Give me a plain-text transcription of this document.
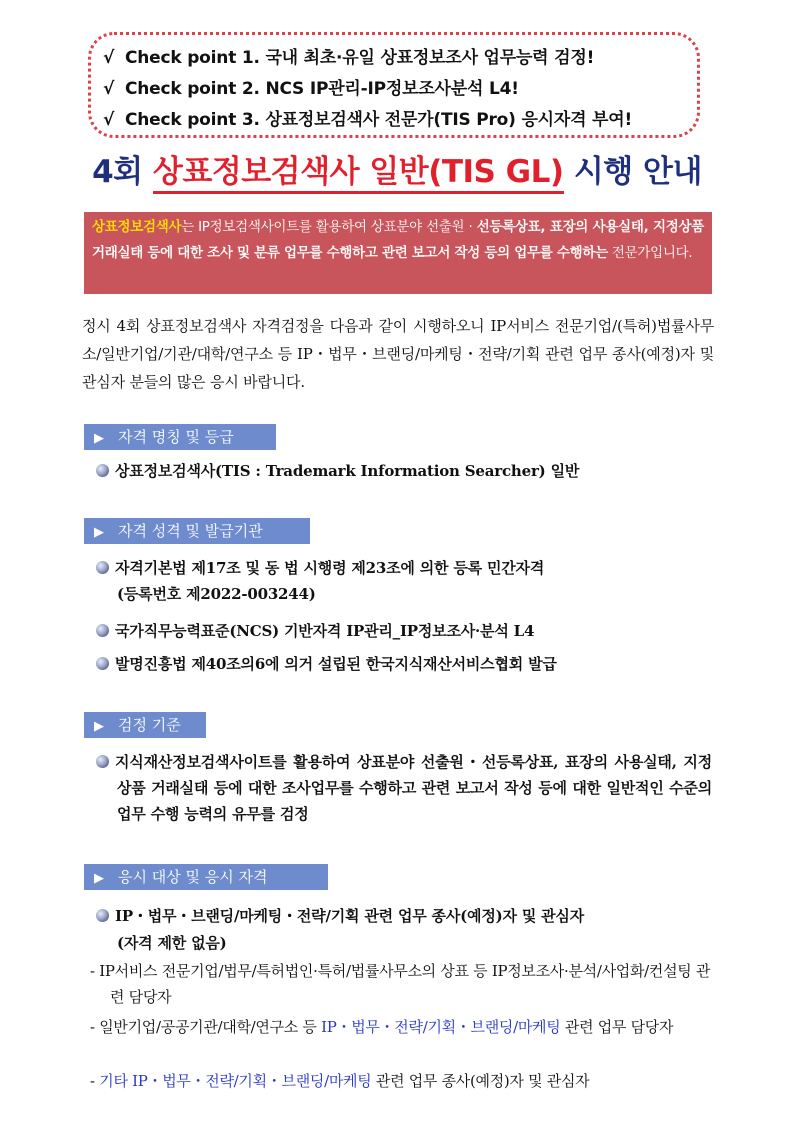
√ Check point 1. 국내 최초·유일 상표정보조사 업무능력 검정!
√ Check point 2. NCS IP관리-IP정보조사분석 L4!
√ Check point 3. 상표정보검색사 전문가(TIS Pro) 응시자격 부여!
4회 상표정보검색사 일반(TIS GL) 시행 안내
상표정보검색사는 IP정보검색사이트를 활용하여 상표분야 선출원 · 선등록상표, 표장의 사용실태, 지정상품 거래실태 등에 대한 조사 및 분류 업무를 수행하고 관련 보고서 작성 등의 업무를 수행하는 전문가입니다.
정시 4회 상표정보검색사 자격검정을 다음과 같이 시행하오니 IP서비스 전문기업/(특허)법률사무소/일반기업/기관/대학/연구소 등 IP・법무・브랜딩/마케팅・전략/기획 관련 업무 종사(예정)자 및 관심자 분들의 많은 응시 바랍니다.
▶ 자격 명칭 및 등급
상표정보검색사(TIS : Trademark Information Searcher) 일반
▶ 자격 성격 및 발급기관
자격기본법 제17조 및 동 법 시행령 제23조에 의한 등록 민간자격
(등록번호 제2022-003244)
국가직무능력표준(NCS) 기반자격 IP관리_IP정보조사·분석 L4
발명진흥법 제40조의6에 의거 설립된 한국지식재산서비스협회 발급
▶ 검정 기준
지식재산정보검색사이트를 활용하여 상표분야 선출원・선등록상표, 표장의 사용실태, 지정상품 거래실태 등에 대한 조사업무를 수행하고 관련 보고서 작성 등에 대한 일반적인 수준의 업무 수행 능력의 유무를 검정
▶ 응시 대상 및 응시 자격
IP・법무・브랜딩/마케팅・전략/기획 관련 업무 종사(예정)자 및 관심자
(자격 제한 없음)
- IP서비스 전문기업/법무/특허법인·특허/법률사무소의 상표 등 IP정보조사·분석/사업화/컨설팅 관련 담당자
- 일반기업/공공기관/대학/연구소 등 IP・법무・전략/기획・브랜딩/마케팅 관련 업무 담당자
- 기타 IP・법무・전략/기획・브랜딩/마케팅 관련 업무 종사(예정)자 및 관심자
